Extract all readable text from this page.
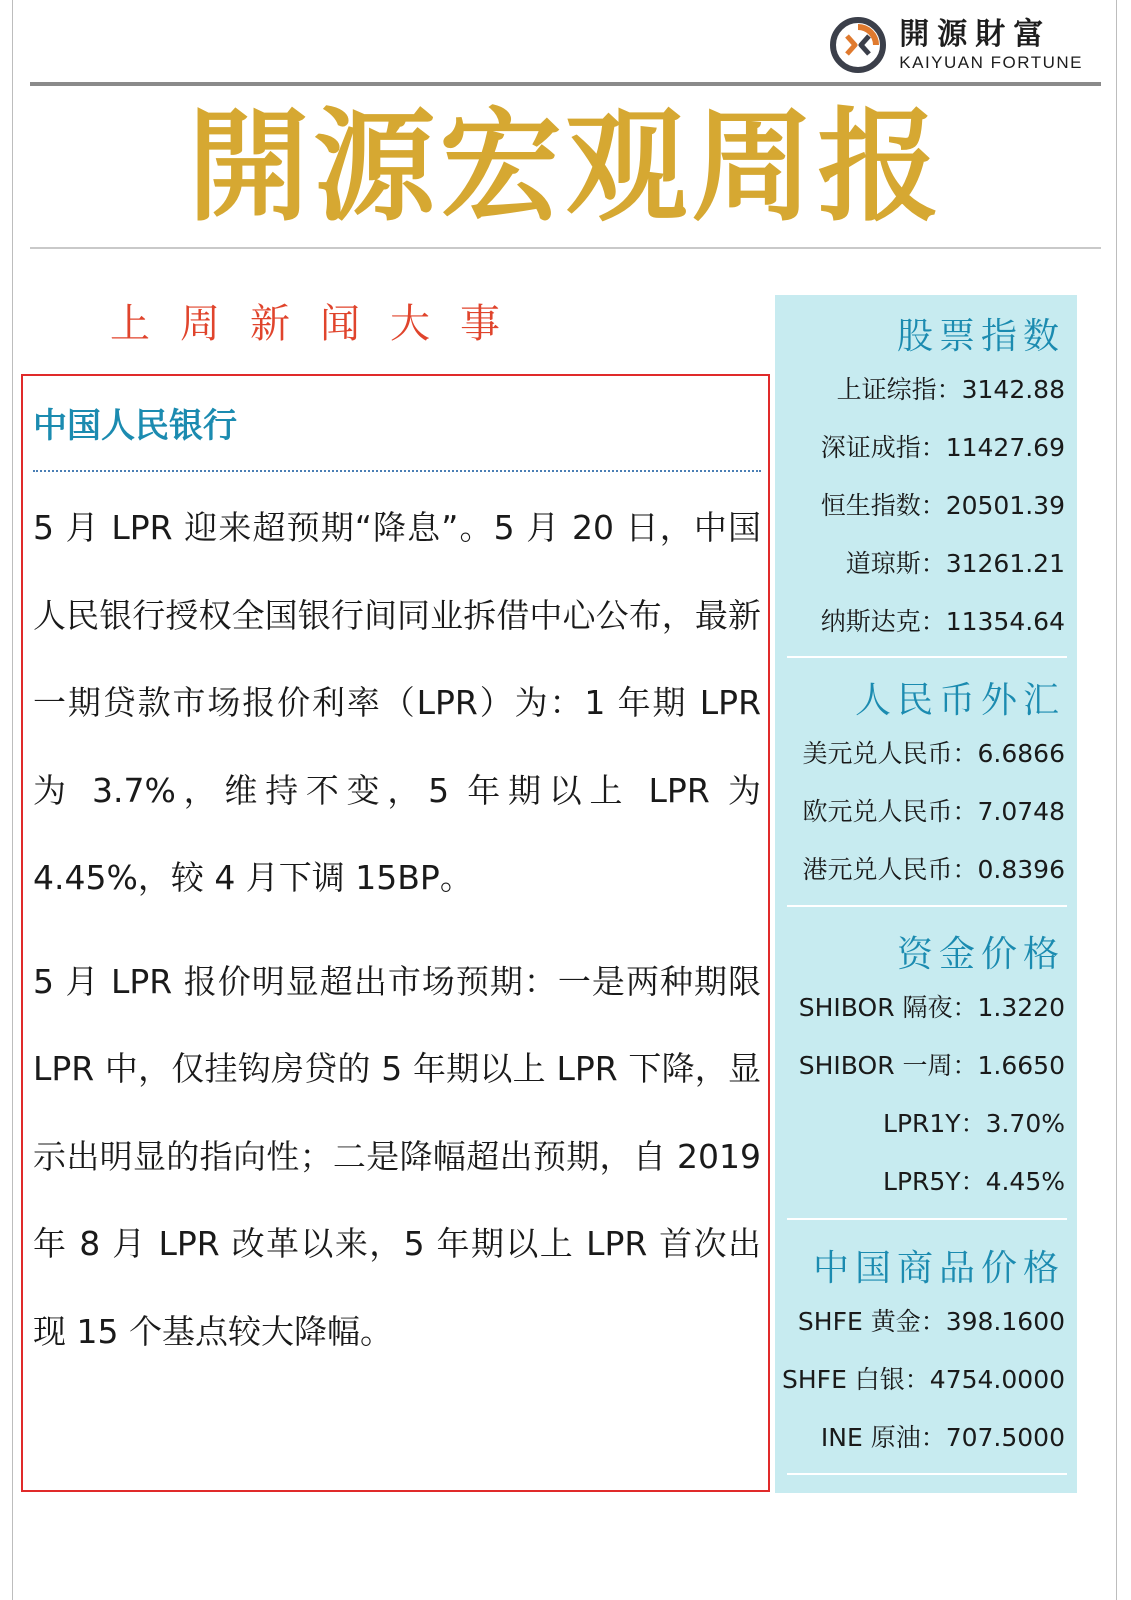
開源財富
KAIYUAN FORTUNE
開源宏观周报
上周新闻大事
中国人民银行

5 月 LPR 迎来超预期“降息”。5 月 20 日，中国人民银行授权全国银行间同业拆借中心公布，最新一期贷款市场报价利率（LPR）为：1 年期 LPR 为 3.7%，维持不变，5 年期以上 LPR 为 4.45%，较 4 月下调 15BP。

5 月 LPR 报价明显超出市场预期：一是两种期限 LPR 中，仅挂钩房贷的 5 年期以上 LPR 下降，显示出明显的指向性；二是降幅超出预期，自 2019 年 8 月 LPR 改革以来，5 年期以上 LPR 首次出现 15 个基点较大降幅。

股票指数
上证综指：3142.88
深证成指：11427.69
恒生指数：20501.39
道琼斯：31261.21
纳斯达克：11354.64
人民币外汇
美元兑人民币：6.6866
欧元兑人民币：7.0748
港元兑人民币：0.8396
资金价格
SHIBOR 隔夜：1.3220
SHIBOR 一周：1.6650
LPR1Y：3.70%
LPR5Y：4.45%
中国商品价格
SHFE 黄金：398.1600
SHFE 白银：4754.0000
INE 原油：707.5000
